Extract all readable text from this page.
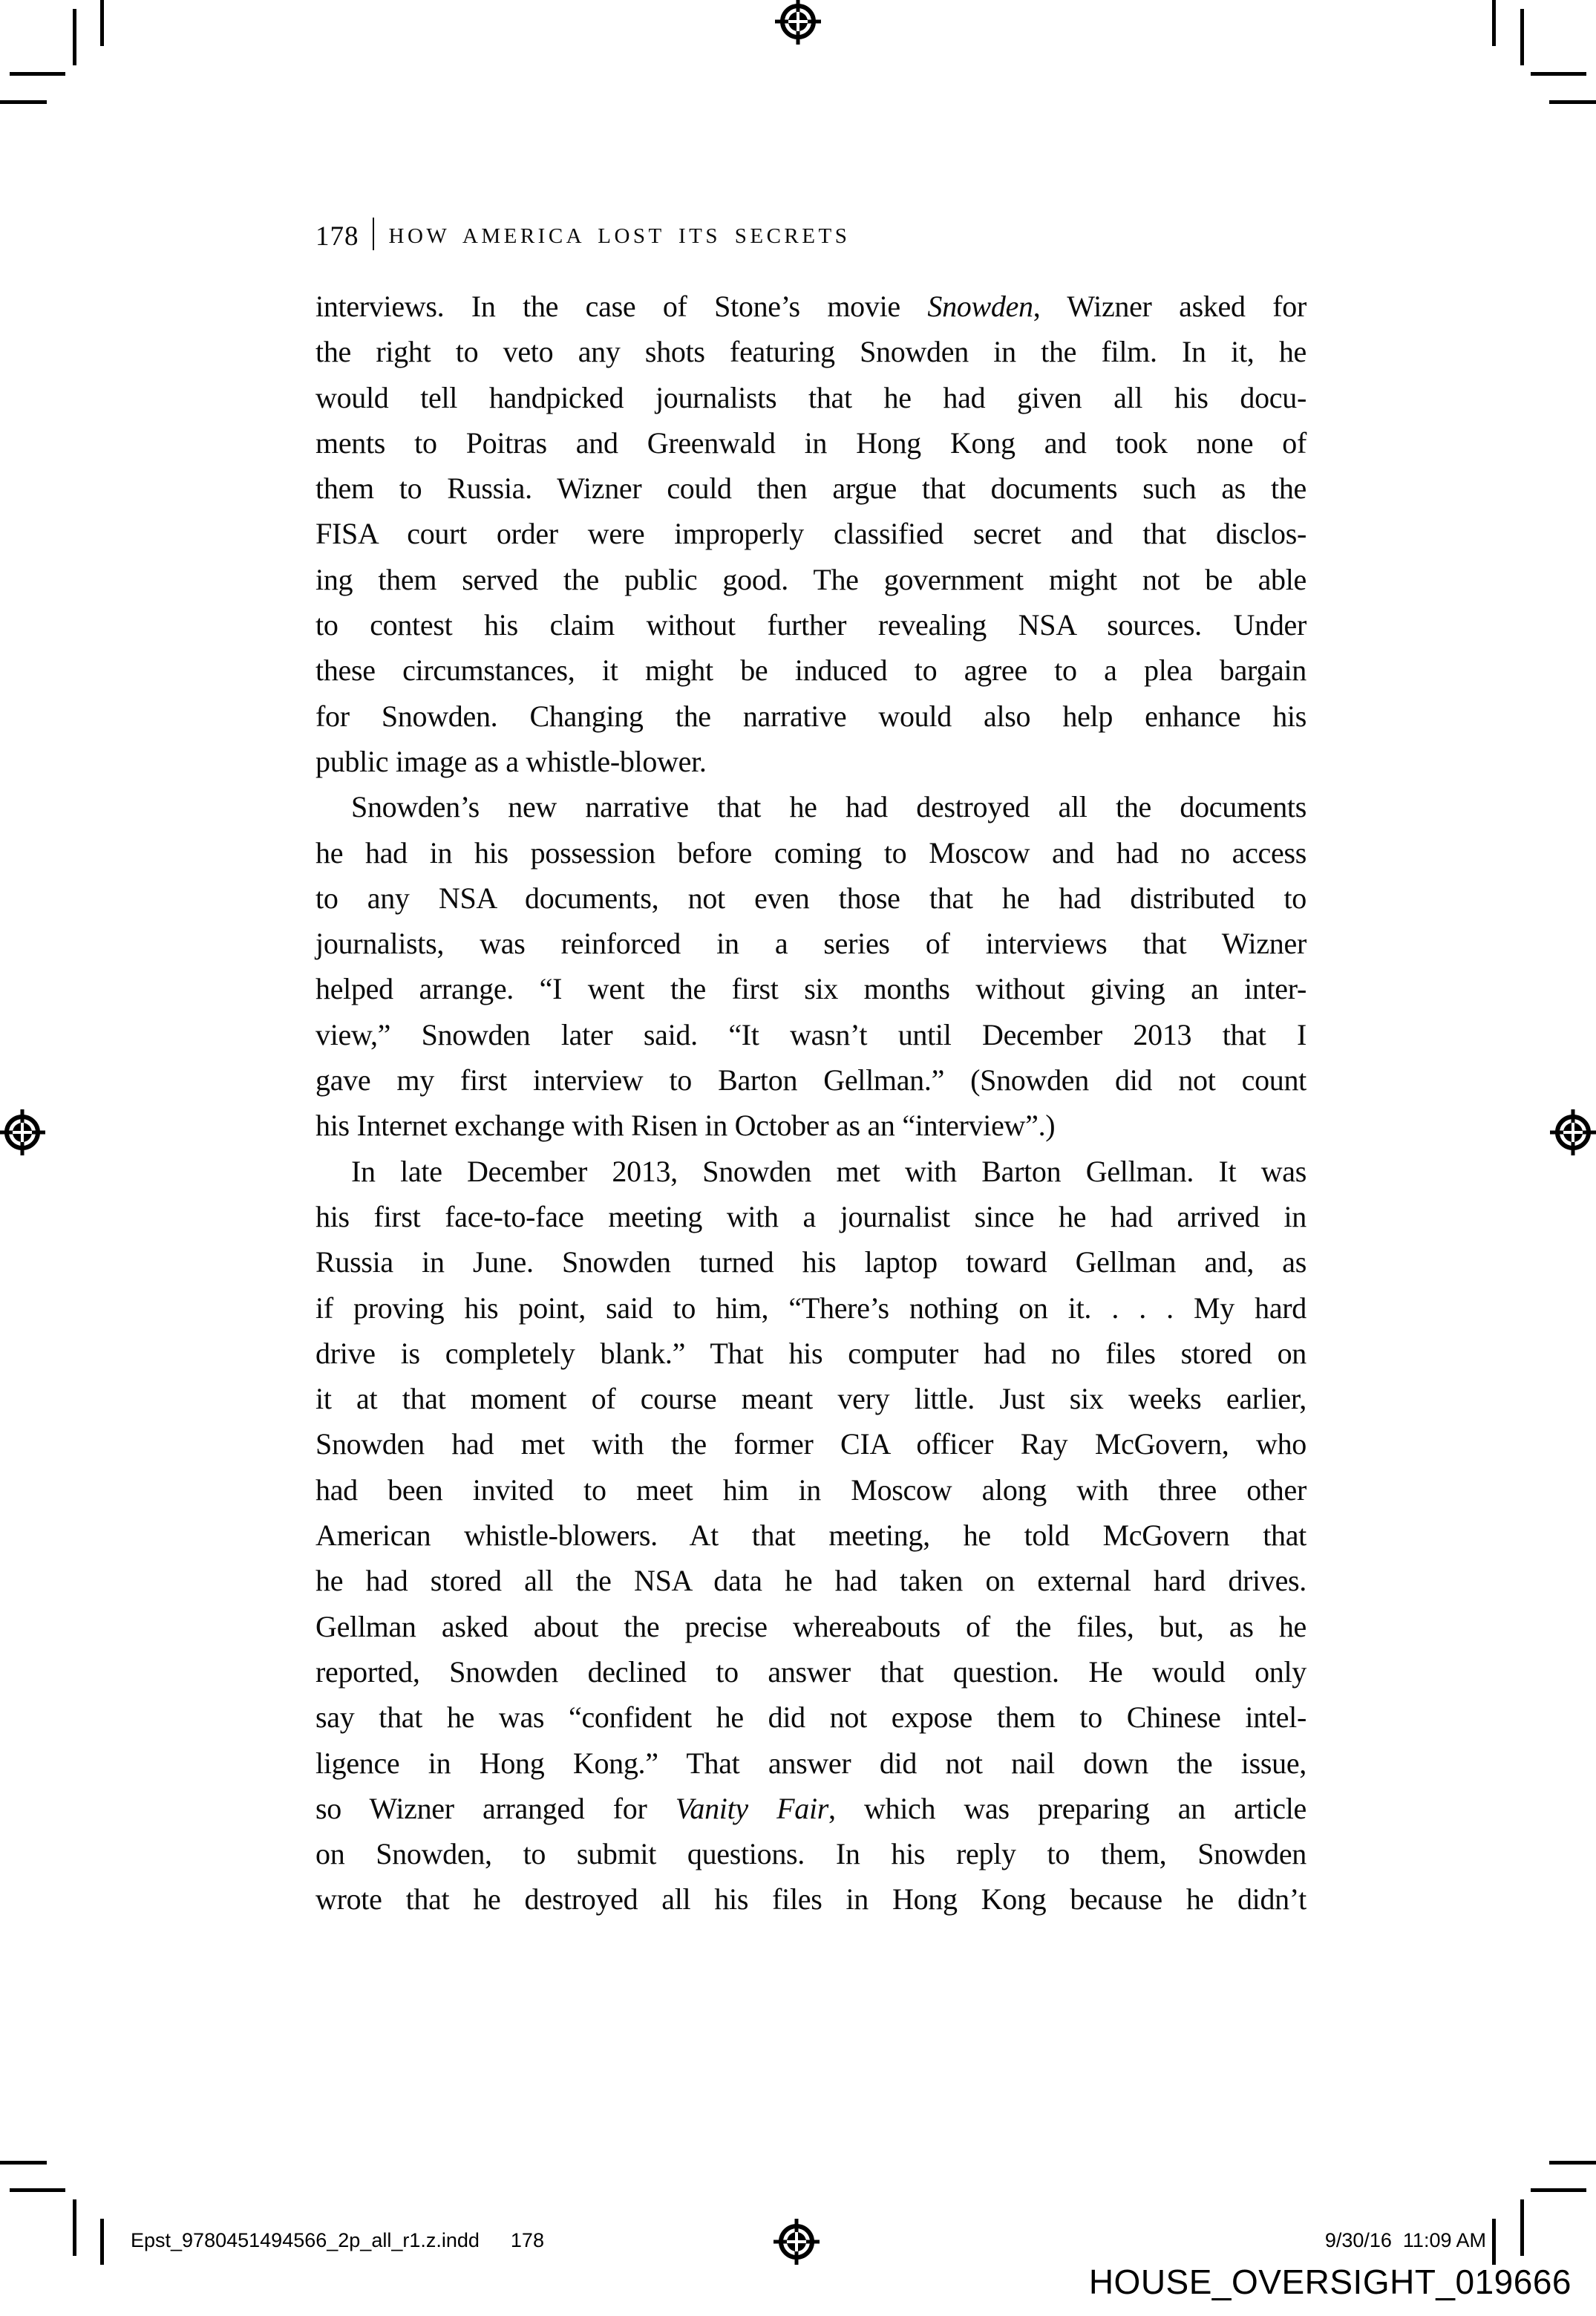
178 HOW AMERICA LOST ITS SECRETS
interviews. In the case of Stone’s movie Snowden, Wizner asked for
the right to veto any shots featuring Snowden in the film. In it, he
would tell handpicked journalists that he had given all his docu-
ments to Poitras and Greenwald in Hong Kong and took none of
them to Russia. Wizner could then argue that documents such as the
FISA court order were improperly classified secret and that disclos-
ing them served the public good. The government might not be able
to contest his claim without further revealing NSA sources. Under
these circumstances, it might be induced to agree to a plea bargain
for Snowden. Changing the narrative would also help enhance his
public image as a whistle-blower.
Snowden’s new narrative that he had destroyed all the documents
he had in his possession before coming to Moscow and had no access
to any NSA documents, not even those that he had distributed to
journalists, was reinforced in a series of interviews that Wizner
helped arrange. “I went the first six months without giving an inter-
view,” Snowden later said. “It wasn’t until December 2013 that I
gave my first interview to Barton Gellman.” (Snowden did not count
his Internet exchange with Risen in October as an “interview”.)
In late December 2013, Snowden met with Barton Gellman. It was
his first face-to-face meeting with a journalist since he had arrived in
Russia in June. Snowden turned his laptop toward Gellman and, as
if proving his point, said to him, “There’s nothing on it. . . . My hard
drive is completely blank.” That his computer had no files stored on
it at that moment of course meant very little. Just six weeks earlier,
Snowden had met with the former CIA officer Ray McGovern, who
had been invited to meet him in Moscow along with three other
American whistle-blowers. At that meeting, he told McGovern that
he had stored all the NSA data he had taken on external hard drives.
Gellman asked about the precise whereabouts of the files, but, as he
reported, Snowden declined to answer that question. He would only
say that he was “confident he did not expose them to Chinese intel-
ligence in Hong Kong.” That answer did not nail down the issue,
so Wizner arranged for Vanity Fair, which was preparing an article
on Snowden, to submit questions. In his reply to them, Snowden
wrote that he destroyed all his files in Hong Kong because he didn’t
Epst_9780451494566_2p_all_r1.z.indd 178	9/30/16  11:09 AM
HOUSE_OVERSIGHT_019666
